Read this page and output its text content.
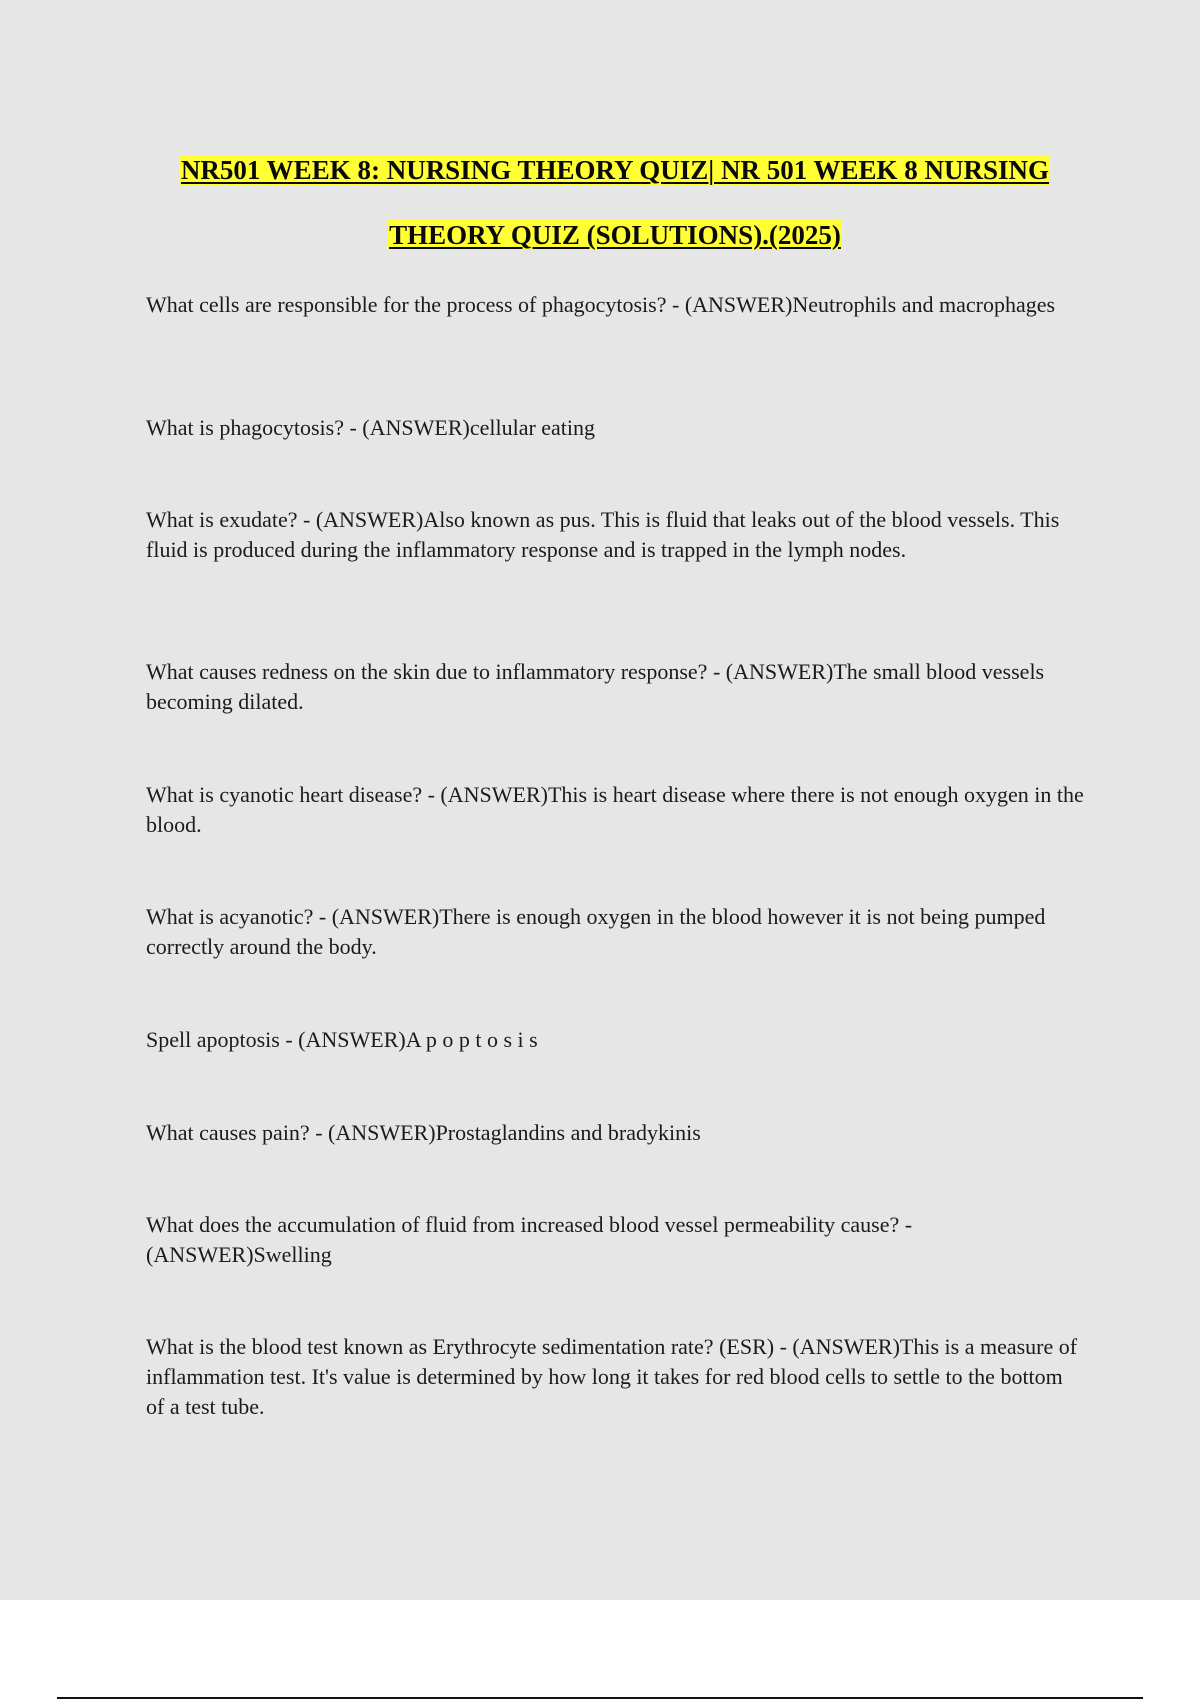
NR501 WEEK 8: NURSING THEORY QUIZ| NR 501 WEEK 8 NURSING THEORY QUIZ (SOLUTIONS).(2025)

What cells are responsible for the process of phagocytosis? - (ANSWER)Neutrophils and macrophages

What is phagocytosis? - (ANSWER)cellular eating

What is exudate? - (ANSWER)Also known as pus. This is fluid that leaks out of the blood vessels. This fluid is produced during the inflammatory response and is trapped in the lymph nodes.

What causes redness on the skin due to inflammatory response? - (ANSWER)The small blood vessels becoming dilated.

What is cyanotic heart disease? - (ANSWER)This is heart disease where there is not enough oxygen in the blood.

What is acyanotic? - (ANSWER)There is enough oxygen in the blood however it is not being pumped correctly around the body.

Spell apoptosis - (ANSWER)A p o p t o s i s

What causes pain? - (ANSWER)Prostaglandins and bradykinis

What does the accumulation of fluid from increased blood vessel permeability cause? - (ANSWER)Swelling

What is the blood test known as Erythrocyte sedimentation rate? (ESR) - (ANSWER)This is a measure of inflammation test. It's value is determined by how long it takes for red blood cells to settle to the bottom of a test tube.
